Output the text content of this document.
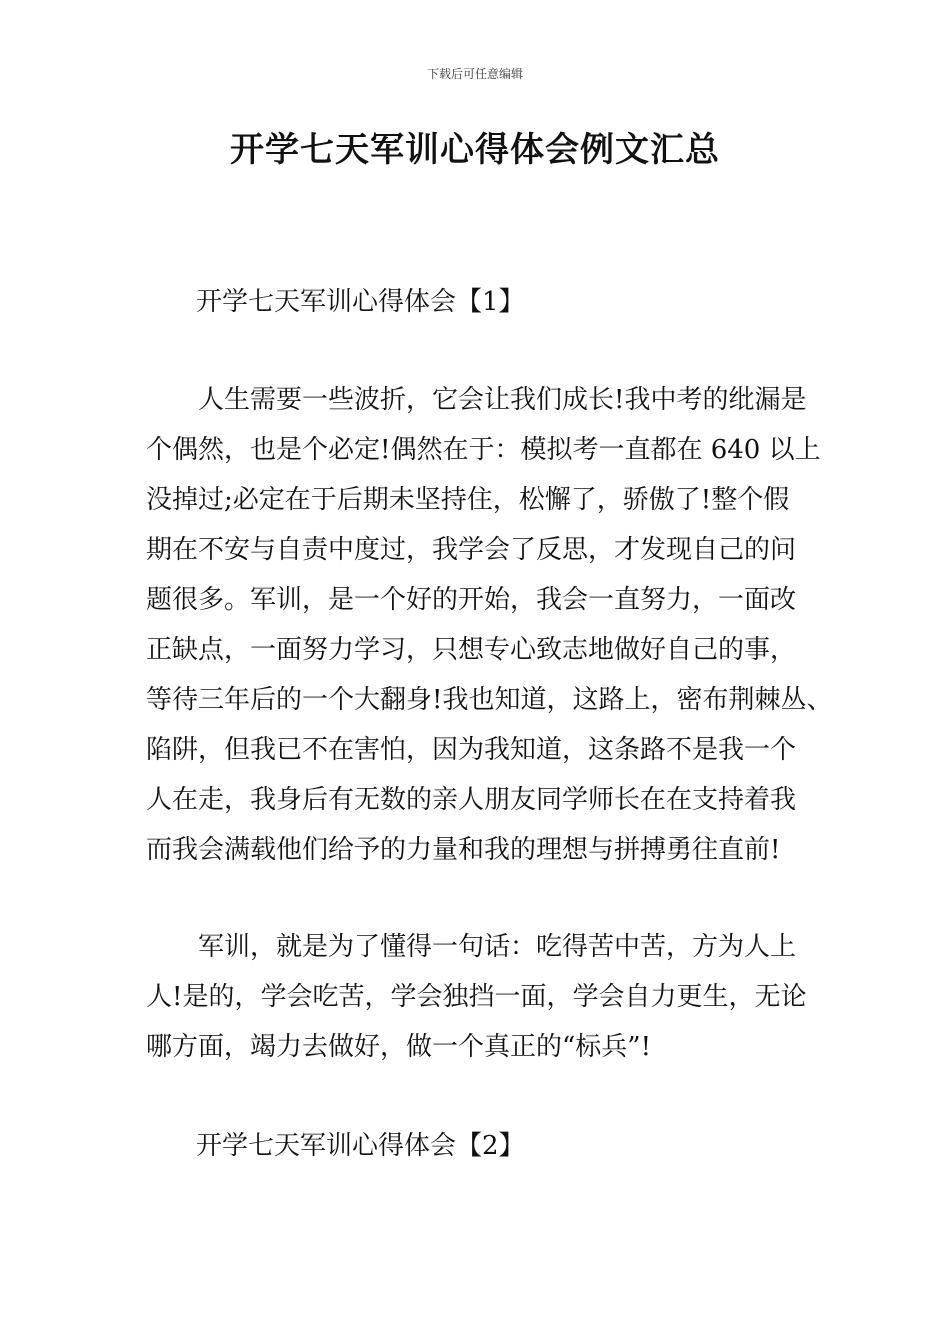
下载后可任意编辑
开学七天军训心得体会例文汇总
开学七天军训心得体会【1】
人生需要一些波折，它会让我们成长!我中考的纰漏是
个偶然，也是个必定!偶然在于：模拟考一直都在 640 以上
没掉过;必定在于后期未坚持住，松懈了，骄傲了!整个假
期在不安与自责中度过，我学会了反思，才发现自己的问
题很多。军训，是一个好的开始，我会一直努力，一面改
正缺点，一面努力学习，只想专心致志地做好自己的事，
等待三年后的一个大翻身!我也知道，这路上，密布荆棘丛、
陷阱，但我已不在害怕，因为我知道，这条路不是我一个
人在走，我身后有无数的亲人朋友同学师长在在支持着我
而我会满载他们给予的力量和我的理想与拼搏勇往直前!
军训，就是为了懂得一句话：吃得苦中苦，方为人上
人!是的，学会吃苦，学会独挡一面，学会自力更生，无论
哪方面，竭力去做好，做一个真正的“标兵”!
开学七天军训心得体会【2】
